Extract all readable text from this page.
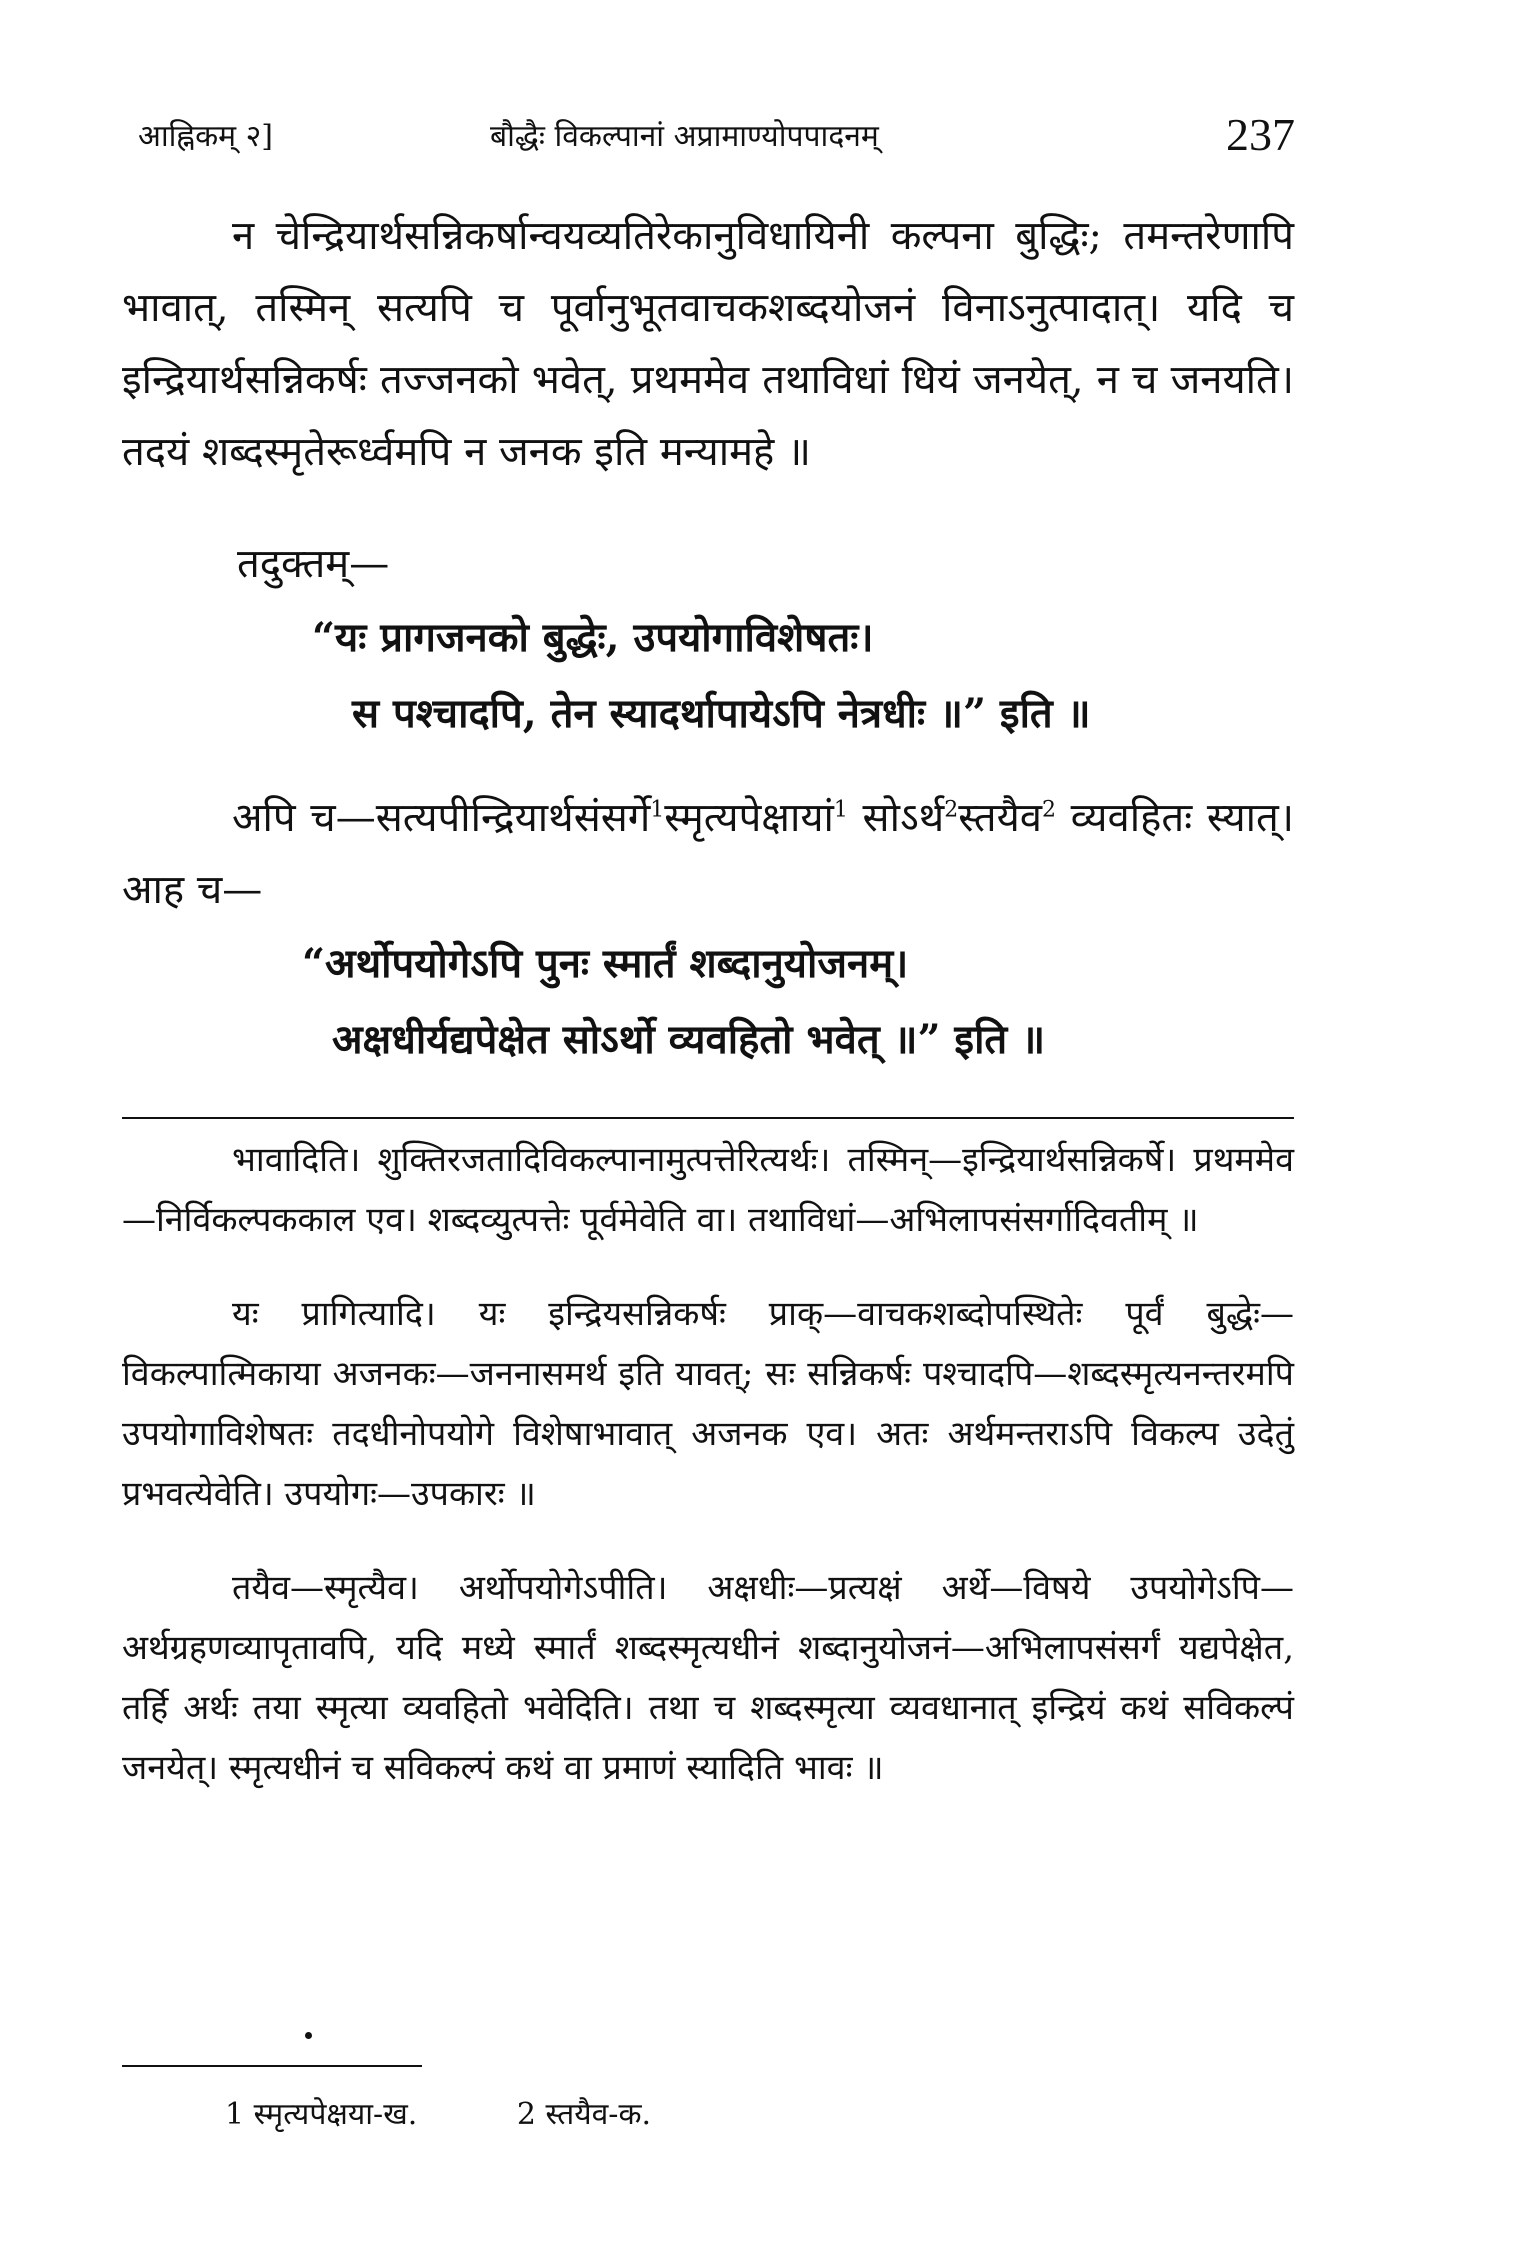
आह्निकम् २]	बौद्धैः विकल्पानां अप्रामाण्योपपादनम्	237

न चेन्द्रियार्थसन्निकर्षान्वयव्यतिरेकानुविधायिनी कल्पना बुद्धिः; तमन्तरेणापि भावात्, तस्मिन् सत्यपि च पूर्वानुभूतवाचकशब्दयोजनं विनाऽनुत्पादात्। यदि च इन्द्रियार्थसन्निकर्षः तज्जनको भवेत्, प्रथममेव तथाविधां धियं जनयेत्, न च जनयति। तदयं शब्दस्मृतेरूर्ध्वमपि न जनक इति मन्यामहे ॥

तदुक्तम्—

“यः प्रागजनको बुद्धेः, उपयोगाविशेषतः।

स पश्चादपि, तेन स्यादर्थापायेऽपि नेत्रधीः ॥” इति ॥

अपि च—सत्यपीन्द्रियार्थसंसर्गे$^1$स्मृत्यपेक्षायां$^1$ सोऽर्थ$^2$स्तयैव$^2$ व्यवहितः स्यात्। आह च—

“अर्थोपयोगेऽपि पुनः स्मार्तं शब्दानुयोजनम्।

अक्षधीर्यद्यपेक्षेत सोऽर्थो व्यवहितो भवेत् ॥” इति ॥

भावादिति। शुक्तिरजतादिविकल्पानामुत्पत्तेरित्यर्थः। तस्मिन्—इन्द्रियार्थसन्निकर्षे। प्रथममेव—निर्विकल्पककाल एव। शब्दव्युत्पत्तेः पूर्वमेवेति वा। तथाविधां—अभिलापसंसर्गादिवतीम् ॥

यः प्रागित्यादि। यः इन्द्रियसन्निकर्षः प्राक्—वाचकशब्दोपस्थितेः पूर्वं बुद्धेः—विकल्पात्मिकाया अजनकः—जननासमर्थ इति यावत्; सः सन्निकर्षः पश्चादपि—शब्दस्मृत्यनन्तरमपि उपयोगाविशेषतः तदधीनोपयोगे विशेषाभावात् अजनक एव। अतः अर्थमन्तराऽपि विकल्प उदेतुं प्रभवत्येवेति। उपयोगः—उपकारः ॥

तयैव—स्मृत्यैव। अर्थोपयोगेऽपीति। अक्षधीः—प्रत्यक्षं अर्थे—विषये उपयोगेऽपि—अर्थग्रहणव्यापृतावपि, यदि मध्ये स्मार्तं शब्दस्मृत्यधीनं शब्दानुयोजनं—अभिलापसंसर्गं यद्यपेक्षेत, तर्हि अर्थः तया स्मृत्या व्यवहितो भवेदिति। तथा च शब्दस्मृत्या व्यवधानात् इन्द्रियं कथं सविकल्पं जनयेत्। स्मृत्यधीनं च सविकल्पं कथं वा प्रमाणं स्यादिति भावः ॥

1 स्मृत्यपेक्षया-ख.	2 स्तयैव-क.
